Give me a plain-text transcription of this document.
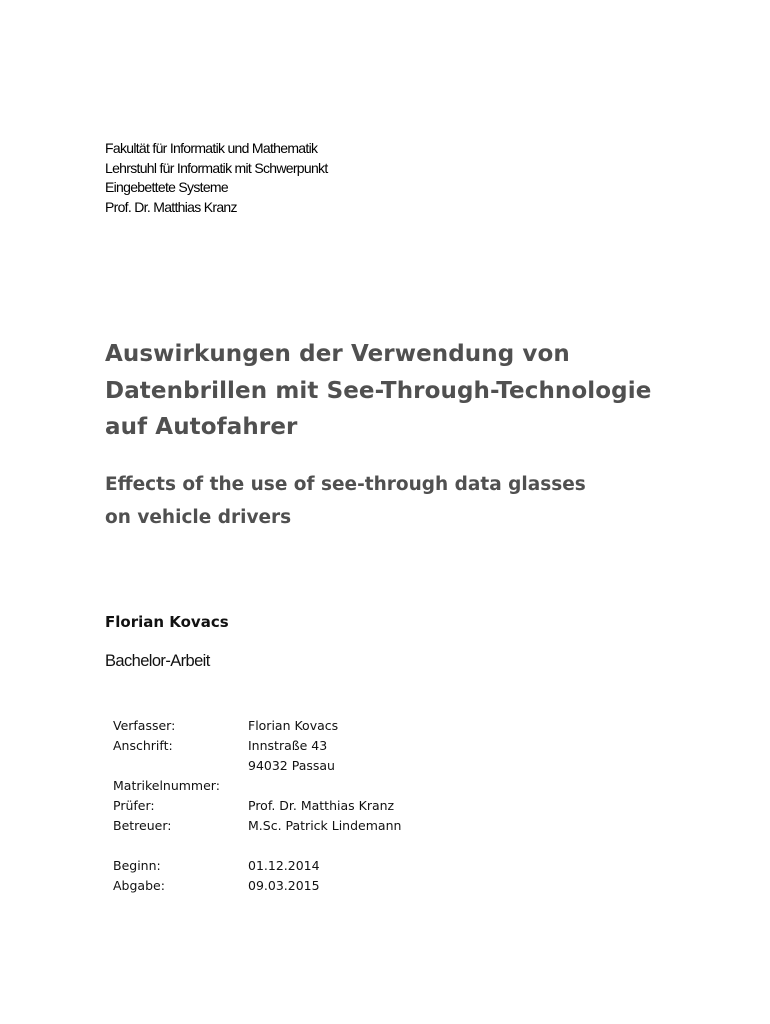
Fakultät für Informatik und Mathematik
Lehrstuhl für Informatik mit Schwerpunkt
Eingebettete Systeme
Prof. Dr. Matthias Kranz
Auswirkungen der Verwendung von
Datenbrillen mit See-Through-Technologie
auf Autofahrer
Effects of the use of see-through data glasses
on vehicle drivers
Florian Kovacs
Bachelor-Arbeit
Verfasser:	Florian Kovacs
Anschrift:	Innstraße 43
94032 Passau
Matrikelnummer:
Prüfer:	Prof. Dr. Matthias Kranz
Betreuer:	M.Sc. Patrick Lindemann
Beginn:	01.12.2014
Abgabe:	09.03.2015
